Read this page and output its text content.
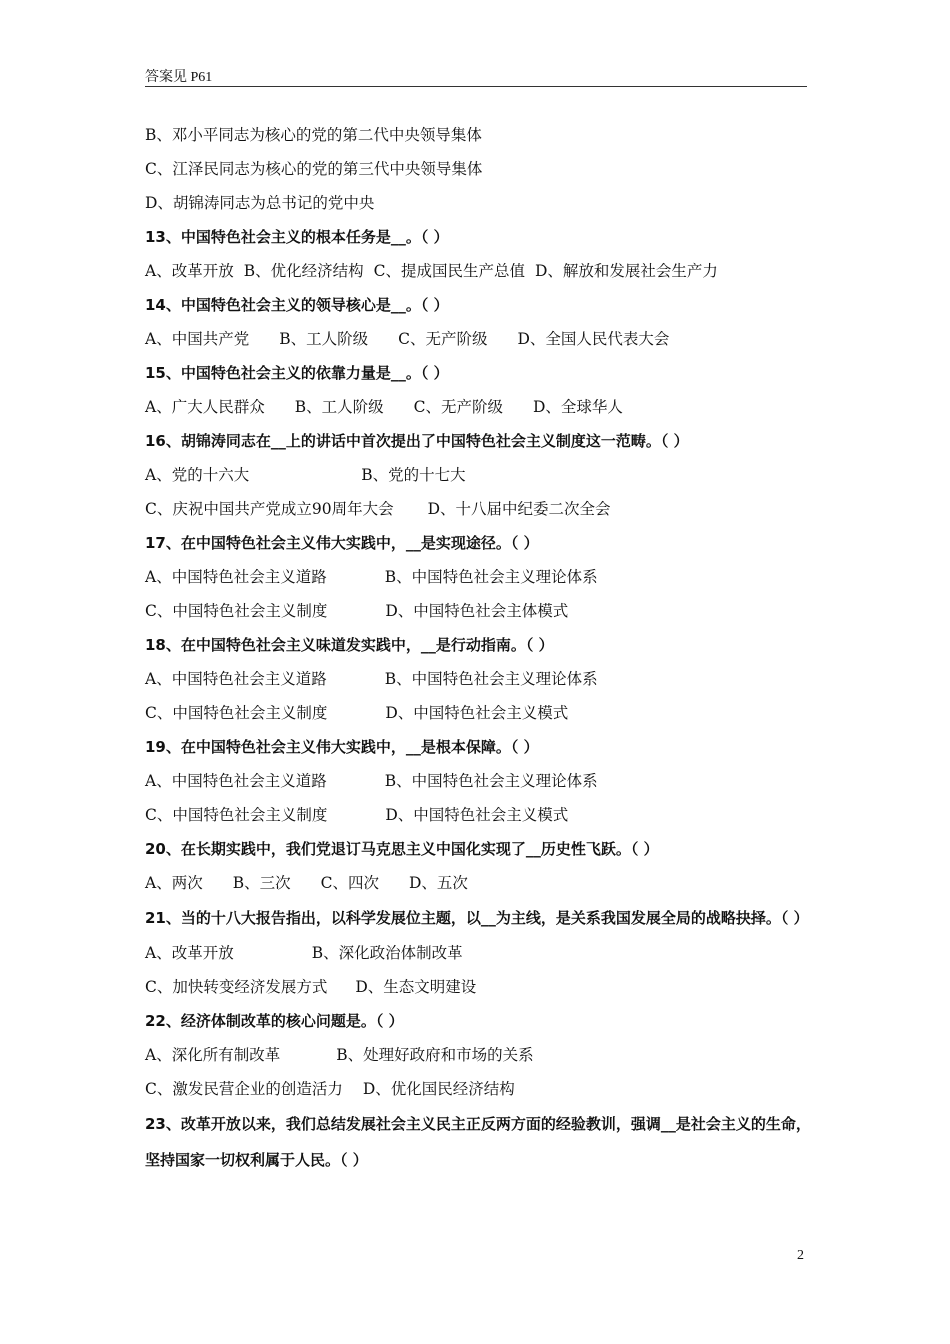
答案见 P61
B、邓小平同志为核心的党的第二代中央领导集体
C、江泽民同志为核心的党的第三代中央领导集体
D、胡锦涛同志为总书记的党中央
13、中国特色社会主义的根本任务是__。（ ）
A、改革开放 B、优化经济结构 C、提成国民生产总值 D、解放和发展社会生产力
14、中国特色社会主义的领导核心是__。（ ）
A、中国共产党 B、工人阶级 C、无产阶级 D、全国人民代表大会
15、中国特色社会主义的依靠力量是__。（ ）
A、广大人民群众 B、工人阶级 C、无产阶级 D、全球华人
16、胡锦涛同志在__上的讲话中首次提出了中国特色社会主义制度这一范畴。（ ）
A、党的十六大	B、党的十七大
C、庆祝中国共产党成立90周年大会 D、十八届中纪委二次全会
17、在中国特色社会主义伟大实践中，__是实现途径。（ ）
A、中国特色社会主义道路	B、中国特色社会主义理论体系
C、中国特色社会主义制度	D、中国特色社会主体模式
18、在中国特色社会主义味道发实践中，__是行动指南。（ ）
A、中国特色社会主义道路	B、中国特色社会主义理论体系
C、中国特色社会主义制度	D、中国特色社会主义模式
19、在中国特色社会主义伟大实践中，__是根本保障。（ ）
A、中国特色社会主义道路	B、中国特色社会主义理论体系
C、中国特色社会主义制度	D、中国特色社会主义模式
20、在长期实践中，我们党退订马克思主义中国化实现了__历史性飞跃。（ ）
A、两次 B、三次 C、四次 D、五次
21、当的十八大报告指出，以科学发展位主题，以__为主线，是关系我国发展全局的战略抉择。（ ）
A、改革开放	B、深化政治体制改革
C、加快转变经济发展方式 D、生态文明建设
22、经济体制改革的核心问题是。（ ）
A、深化所有制改革	B、处理好政府和市场的关系
C、激发民营企业的创造活力 D、优化国民经济结构
23、改革开放以来，我们总结发展社会主义民主正反两方面的经验教训，强调__是社会主义的生命，坚持国家一切权利属于人民。（ ）
2
